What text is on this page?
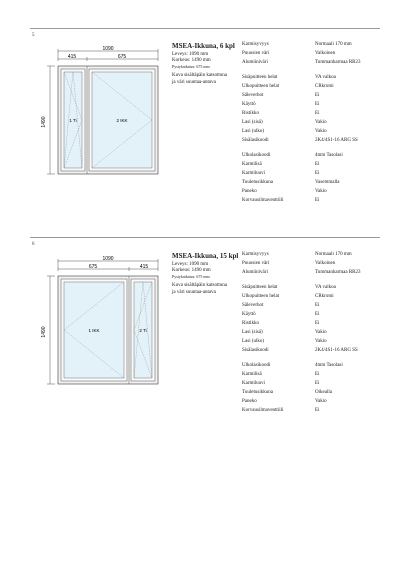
5
1090
415	675
1490	1 Ti	2 IKK
MSEA-Ikkuna, 6 kpl
Leveys: 1090 mm
Korkeus: 1490 mm
Pystykatkaisu: 675 mm
Kuva sisältäpäin katsottuna
ja väri suuntaa-antava
Karmisyvyys	Normaali 170 mm
Puuosien väri	Valkoinen
Alumiiniväri	Tummanharmaa RR23
Sisäpuitteen helat	VA valkoa
Ulkopuitteen helat	CRkromi
Säleverhot	Ei
Käyttö	Ei
Ristikko	Ei
Lasi (sisä)	Vakio
Lasi (ulko)	Vakio
Sisälasikoodi	2K4/4S1-16 ARG SS
Ulkolasikoodi	4mm Tasolasi
Karmilisä	Ei
Karmiluuvi	Ei
Tuuletusikkuna	Vasemmalla
Paneko	Vakio
Korvausilmaventtiili	Ei
6
1090
675	415
1490	1 IKK	2 Ti
MSEA-Ikkuna, 15 kpl
Leveys: 1090 mm
Korkeus: 1490 mm
Pystykatkaisu: 675 mm
Kuva sisältäpäin katsottuna
ja väri suuntaa-antava
Karmisyvyys	Normaali 170 mm
Puuosien väri	Valkoinen
Alumiiniväri	Tummanharmaa RR23
Sisäpuitteen helat	VA valkoa
Ulkopuitteen helat	CRkromi
Säleverhot	Ei
Käyttö	Ei
Ristikko	Ei
Lasi (sisä)	Vakio
Lasi (ulko)	Vakio
Sisälasikoodi	2K4/4S1-16 ARG SS
Ulkolasikoodi	4mm Tasolasi
Karmilisä	Ei
Karmiluuvi	Ei
Tuuletusikkuna	Oikealla
Paneko	Vakio
Korvausilmaventtiili	Ei
